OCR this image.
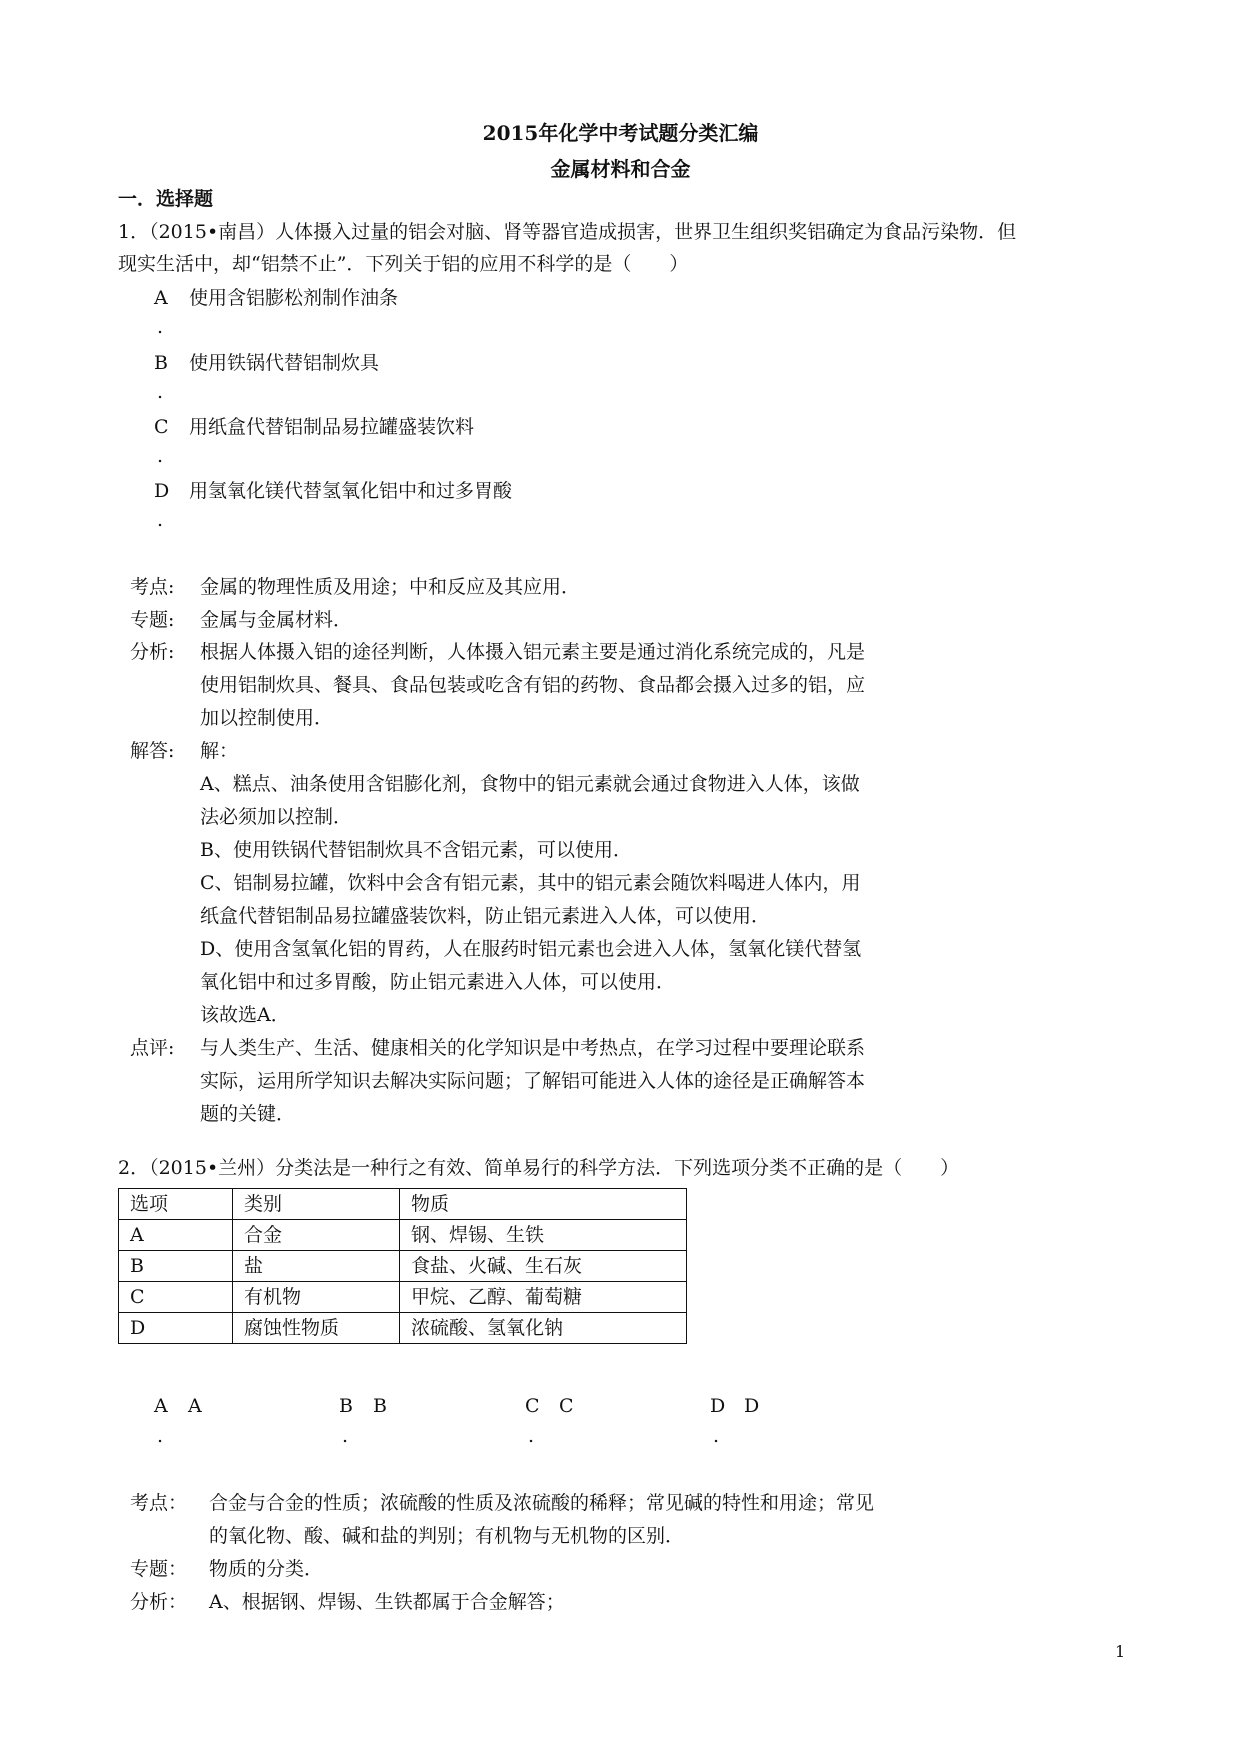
2015年化学中考试题分类汇编
金属材料和合金
一．选择题
1．（2015•南昌）人体摄入过量的铝会对脑、肾等器官造成损害，世界卫生组织奖铝确定为食品污染物．但
现实生活中，却“铝禁不止”．下列关于铝的应用不科学的是（　　）
A 使用含铝膨松剂制作油条
.
B 使用铁锅代替铝制炊具
.
C 用纸盒代替铝制品易拉罐盛装饮料
.
D 用氢氧化镁代替氢氧化铝中和过多胃酸
.
考点: 金属的物理性质及用途；中和反应及其应用．
专题: 金属与金属材料．
分析: 根据人体摄入铝的途径判断，人体摄入铝元素主要是通过消化系统完成的，凡是
使用铝制炊具、餐具、食品包装或吃含有铝的药物、食品都会摄入过多的铝，应
加以控制使用．
解答: 解：
A、糕点、油条使用含铝膨化剂，食物中的铝元素就会通过食物进入人体，该做
法必须加以控制．
B、使用铁锅代替铝制炊具不含铝元素，可以使用．
C、铝制易拉罐，饮料中会含有铝元素，其中的铝元素会随饮料喝进人体内，用
纸盒代替铝制品易拉罐盛装饮料，防止铝元素进入人体，可以使用．
D、使用含氢氧化铝的胃药，人在服药时铝元素也会进入人体，氢氧化镁代替氢
氧化铝中和过多胃酸，防止铝元素进入人体，可以使用．
该故选A．
点评: 与人类生产、生活、健康相关的化学知识是中考热点，在学习过程中要理论联系
实际，运用所学知识去解决实际问题；了解铝可能进入人体的途径是正确解答本
题的关键．
2．（2015•兰州）分类法是一种行之有效、简单易行的科学方法．下列选项分类不正确的是（　　）
选项	类别	物质
A	合金	钢、焊锡、生铁
B	盐	食盐、火碱、生石灰
C	有机物	甲烷、乙醇、葡萄糖
D	腐蚀性物质	浓硫酸、氢氧化钠
A A
.
B B
.
C C
.
D D
.
考点： 合金与合金的性质；浓硫酸的性质及浓硫酸的稀释；常见碱的特性和用途；常见
的氧化物、酸、碱和盐的判别；有机物与无机物的区别．
专题： 物质的分类．
分析： A、根据钢、焊锡、生铁都属于合金解答；
1
